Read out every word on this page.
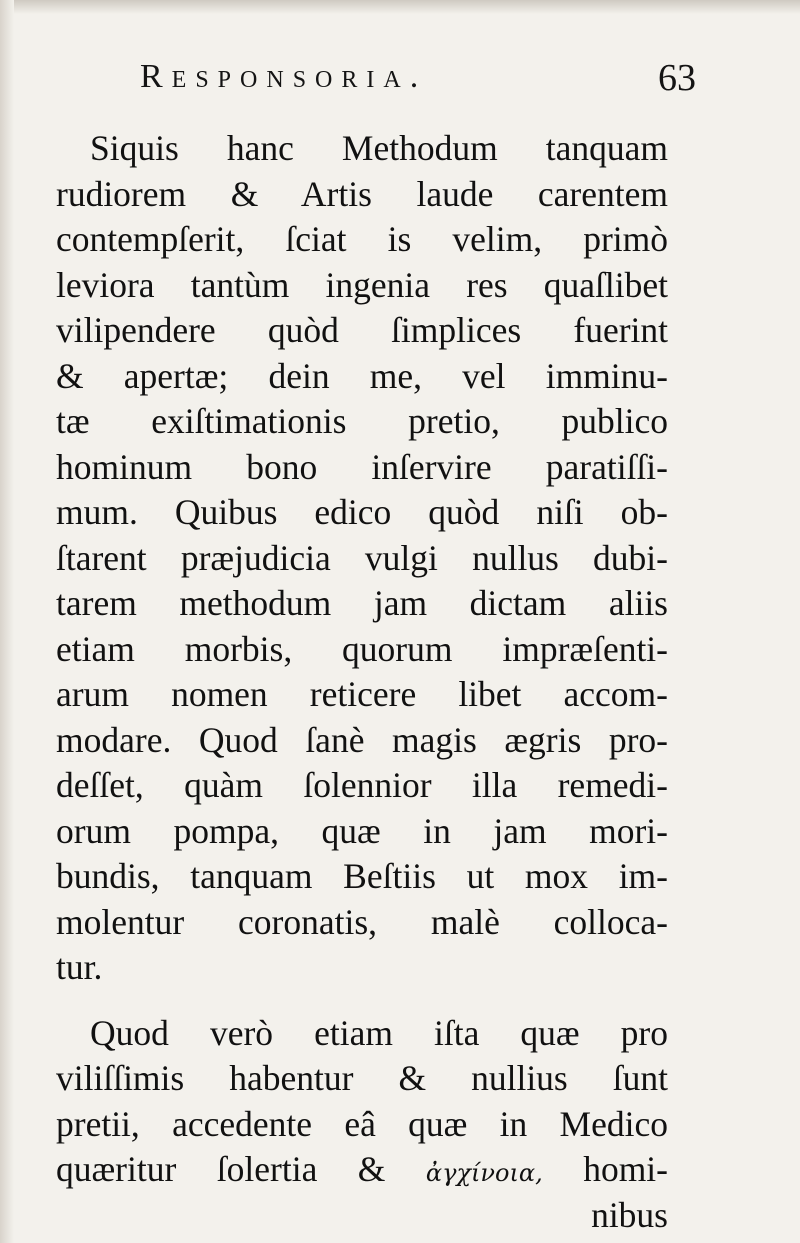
Responsoria.	63
Siquis hanc Methodum tanquam
rudiorem & Artis laude carentem
contempſerit, ſciat is velim, primò
leviora tantùm ingenia res quaſlibet
vilipendere quòd ſimplices fuerint
& apertæ; dein me, vel imminu-
tæ exiſtimationis pretio, publico
hominum bono inſervire paratiſſi-
mum. Quibus edico quòd niſi ob-
ſtarent præjudicia vulgi nullus dubi-
tarem methodum jam dictam aliis
etiam morbis, quorum impræſenti-
arum nomen reticere libet accom-
modare. Quod ſanè magis ægris pro-
deſſet, quàm ſolennior illa remedi-
orum pompa, quæ in jam mori-
bundis, tanquam Beſtiis ut mox im-
molentur coronatis, malè colloca-
tur.
Quod verò etiam iſta quæ pro
viliſſimis habentur & nullius ſunt
pretii, accedente eâ quæ in Medico
quæritur ſolertia & ἀγχίνοια, homi-
nibus
